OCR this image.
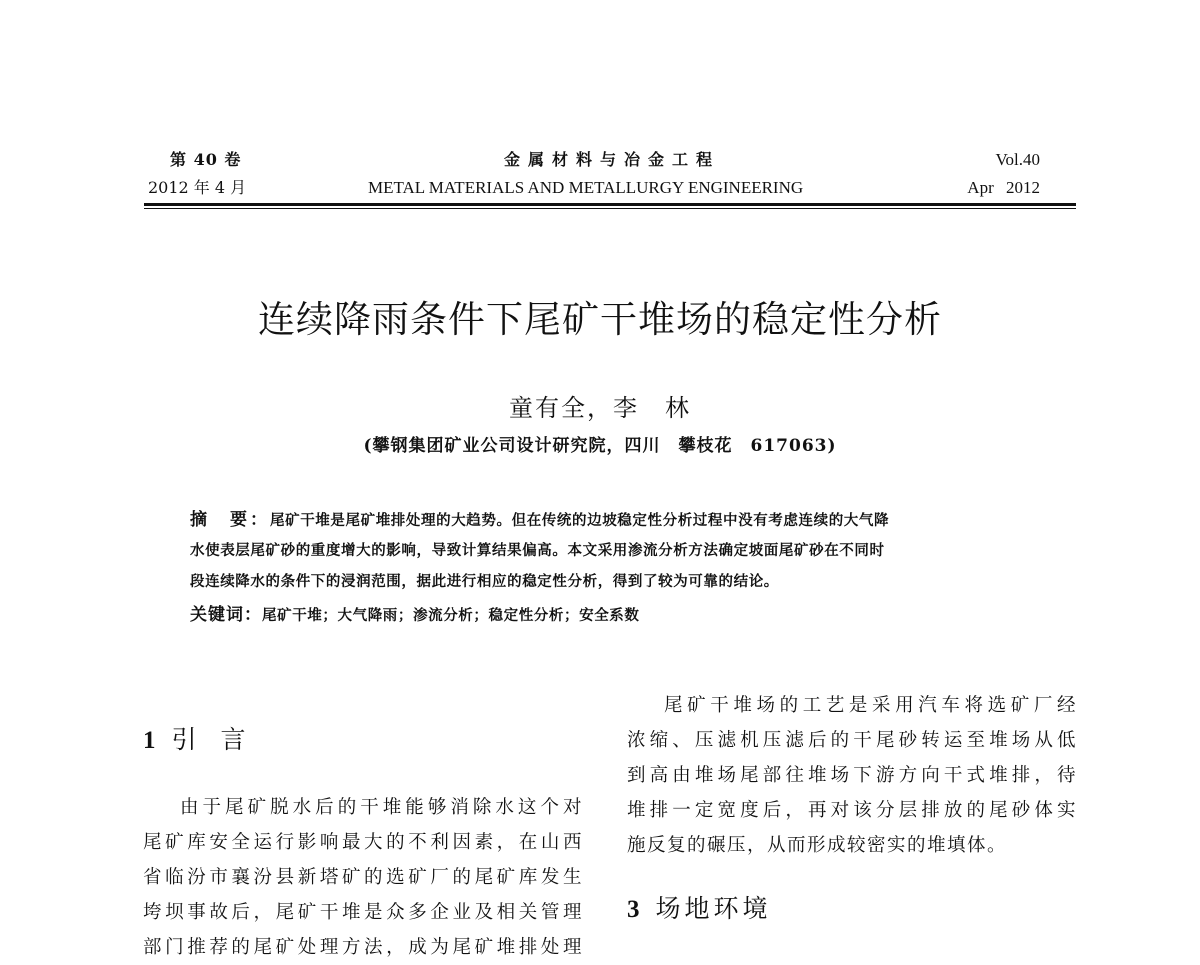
第 40 卷
2012 年 4 月
金属材料与冶金工程
METAL MATERIALS AND METALLURGY ENGINEERING
Vol.40
Apr 2012
连续降雨条件下尾矿干堆场的稳定性分析
童有全，李　林
(攀钢集团矿业公司设计研究院，四川　攀枝花　617063)
摘　要：尾矿干堆是尾矿堆排处理的大趋势。但在传统的边坡稳定性分析过程中没有考虑连续的大气降
水使表层尾矿砂的重度增大的影响，导致计算结果偏高。本文采用渗流分析方法确定坡面尾矿砂在不同时
段连续降水的条件下的浸润范围，据此进行相应的稳定性分析，得到了较为可靠的结论。
关键词：尾矿干堆；大气降雨；渗流分析；稳定性分析；安全系数
1 引 言
由于尾矿脱水后的干堆能够消除水这个对
尾矿库安全运行影响最大的不利因素，在山西
省临汾市襄汾县新塔矿的选矿厂的尾矿库发生
垮坝事故后，尾矿干堆是众多企业及相关管理
部门推荐的尾矿处理方法，成为尾矿堆排处理
尾矿干堆场的工艺是采用汽车将选矿厂经
浓缩、压滤机压滤后的干尾砂转运至堆场从低
到高由堆场尾部往堆场下游方向干式堆排，待
堆排一定宽度后，再对该分层排放的尾砂体实
施反复的碾压，从而形成较密实的堆填体。
3 场地环境
